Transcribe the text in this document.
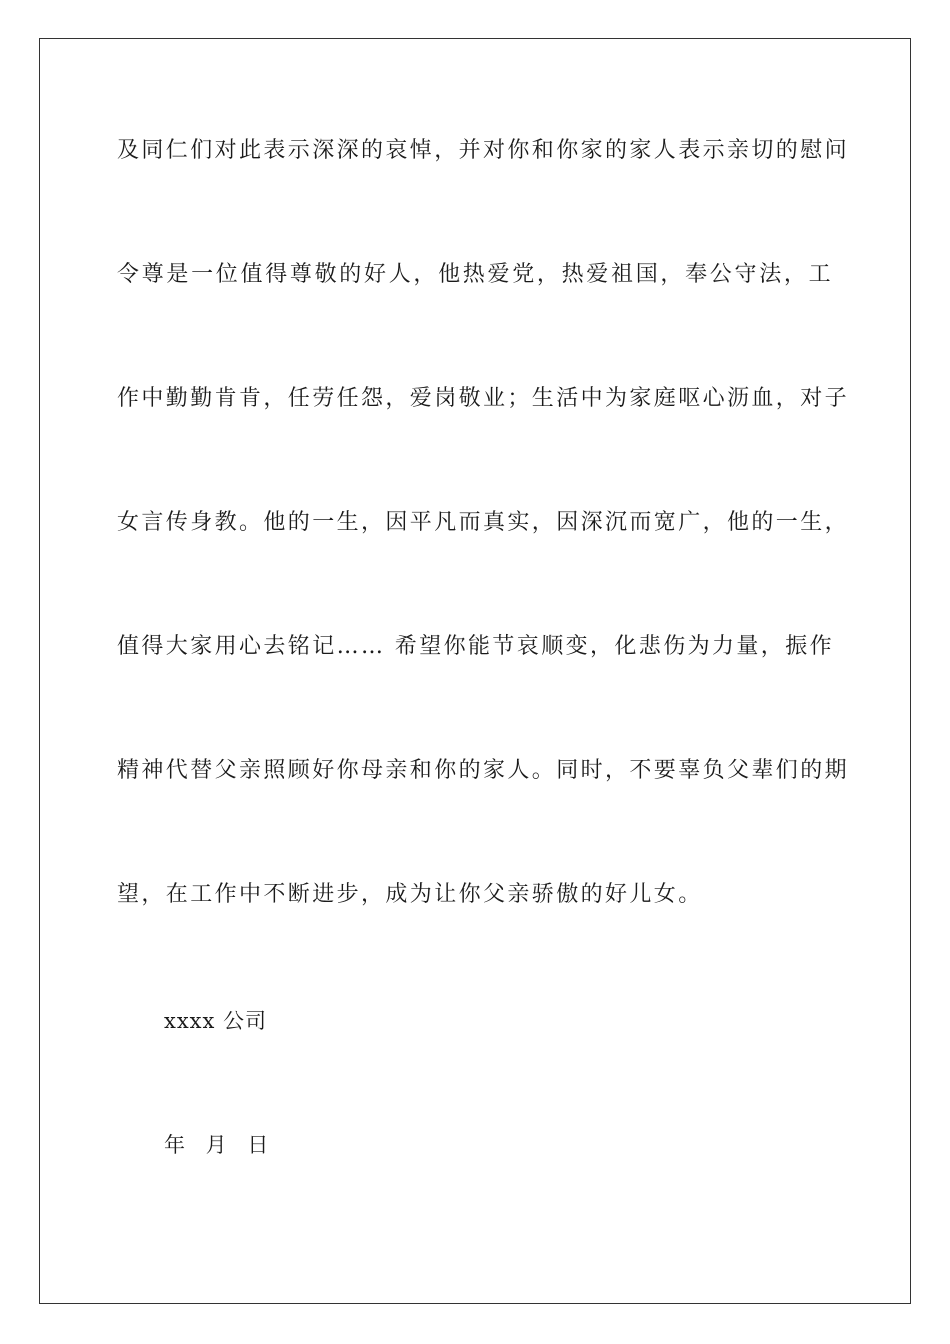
及同仁们对此表示深深的哀悼，并对你和你家的家人表示亲切的慰问
令尊是一位值得尊敬的好人，他热爱党，热爱祖国，奉公守法，工
作中勤勤肯肯，任劳任怨，爱岗敬业；生活中为家庭呕心沥血，对子
女言传身教。他的一生，因平凡而真实，因深沉而宽广，他的一生，
值得大家用心去铭记…… 希望你能节哀顺变，化悲伤为力量，振作
精神代替父亲照顾好你母亲和你的家人。同时，不要辜负父辈们的期
望，在工作中不断进步，成为让你父亲骄傲的好儿女。
xxxx 公司
年 月 日
